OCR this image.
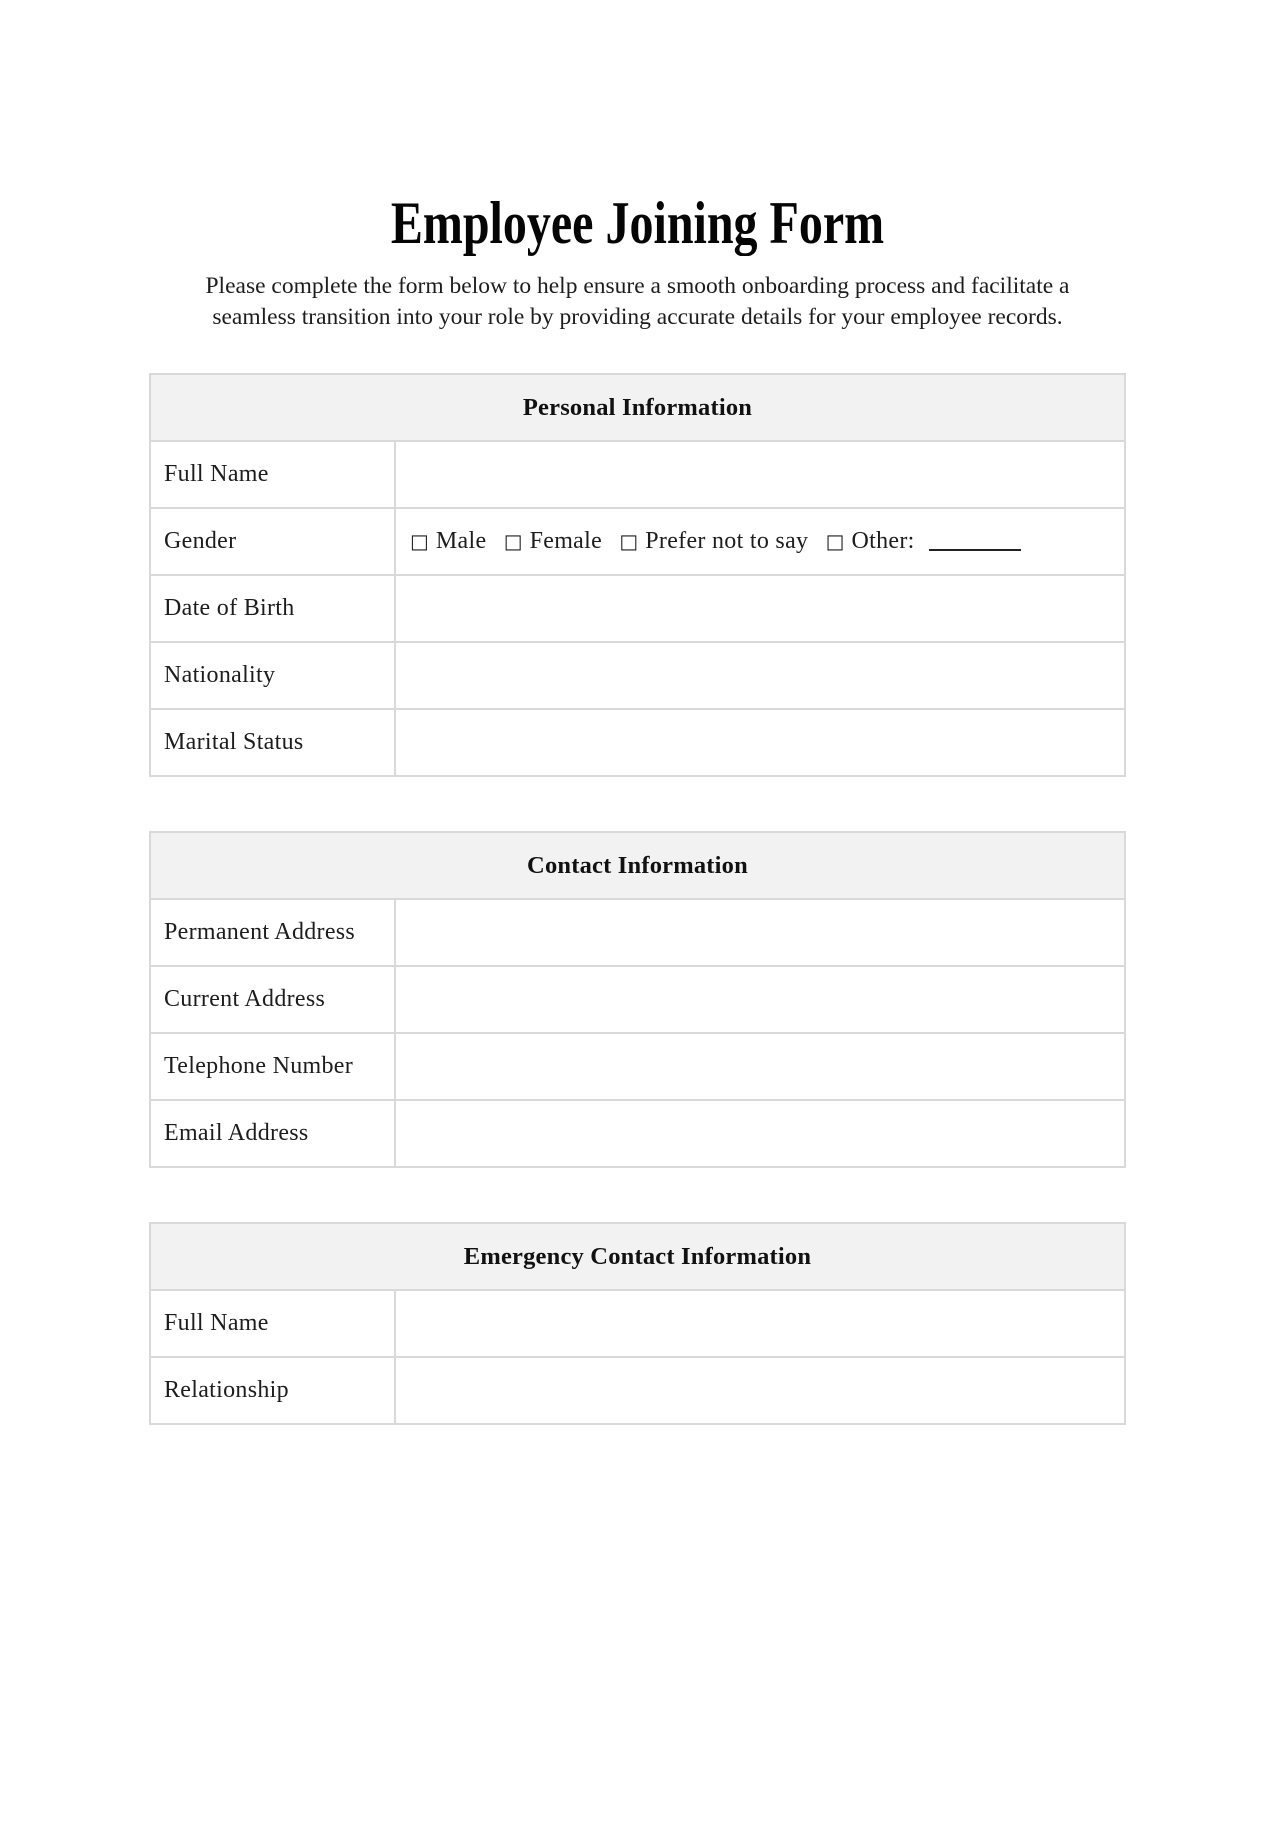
Employee Joining Form
Please complete the form below to help ensure a smooth onboarding process and facilitate a
seamless transition into your role by providing accurate details for your employee records.
Personal Information	
Full Name	
Gender	□ Male □ Female □ Prefer not to say □ Other:
Date of Birth	
Nationality	
Marital Status	
Contact Information	
Permanent Address	
Current Address	
Telephone Number	
Email Address	
Emergency Contact Information	
Full Name	
Relationship	
